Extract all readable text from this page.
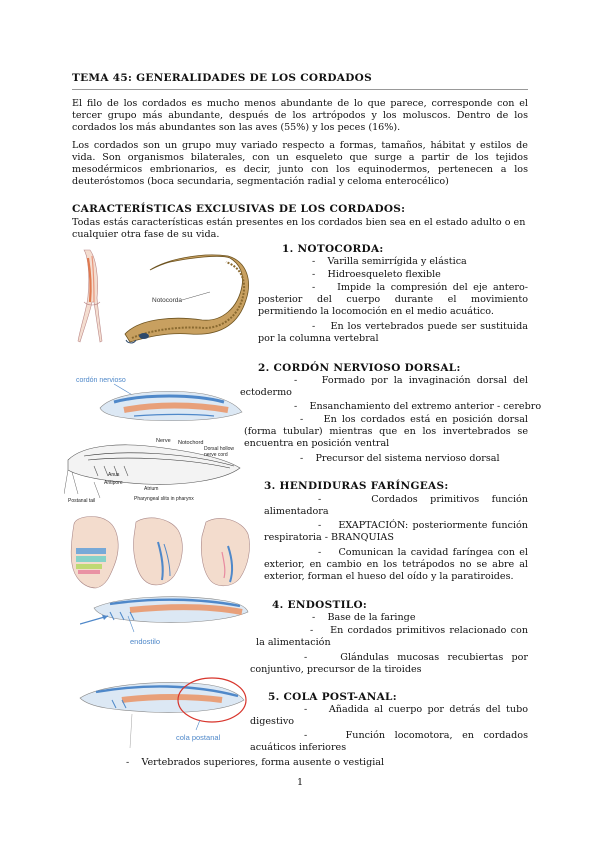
TEMA 45: GENERALIDADES DE LOS CORDADOS
El filo de los cordados es mucho menos abundante de lo que parece, corresponde con el tercer grupo más abundante, después de los artrópodos y los moluscos. Dentro de los cordados los más abundantes son las aves (55%) y los peces (16%).
Los cordados son un grupo muy variado respecto a formas, tamaños, hábitat y estilos de vida. Son organismos bilaterales, con un esqueleto que surge a partir de los tejidos mesodérmicos embrionarios, es decir, junto con los equinodermos, pertenecen a los deuteróstomos (boca secundaria, segmentación radial y celoma enterocélico)
CARACTERÍSTICAS EXCLUSIVAS DE LOS CORDADOS:
Todas estás características están presentes en los cordados bien sea en el estado adulto o en cualquier otra fase de su vida.
1. NOTOCORDA:
-    Varilla semirrígida y elástica
-    Hidroesqueleto flexible
-    Impide la compresión del eje antero-posterior del cuerpo durante el movimiento permitiendo la locomoción en el medio acuático.
-    En los vertebrados puede ser sustituida por la columna vertebral
2. CORDÓN NERVIOSO DORSAL:
-    Formado por la invaginación dorsal del ectodermo
-    Ensanchamiento del extremo anterior - cerebro
-    En los cordados está en posición dorsal (forma tubular) mientras que en los invertebrados se encuentra en posición ventral
-    Precursor del sistema nervioso dorsal
3. HENDIDURAS FARÍNGEAS:
-    Cordados primitivos función alimentadora
-    EXAPTACIÓN: posteriormente función respiratoria - BRANQUIAS
-    Comunican la cavidad faríngea con el exterior, en cambio en los tetrápodos no se abre al exterior, forman el hueso del oído y la paratiroides.
4. ENDOSTILO:
-    Base de la faringe
-    En cordados primitivos relacionado con la alimentación
-    Glándulas mucosas recubiertas por conjuntivo, precursor de la tiroides
5. COLA POST-ANAL:
-    Añadida al cuerpo por detrás del tubo digestivo
-    Función locomotora, en cordados acuáticos inferiores
-    Vertebrados superiores, forma ausente o vestigial
1
Notocorda
cordón nervioso
Nerve Notochord
Dorsal hollow
nerve cord
Anus
Antipore
Atrium
Postanal tail	Pharyngeal slits in pharynx
endostilo
cola postanal
